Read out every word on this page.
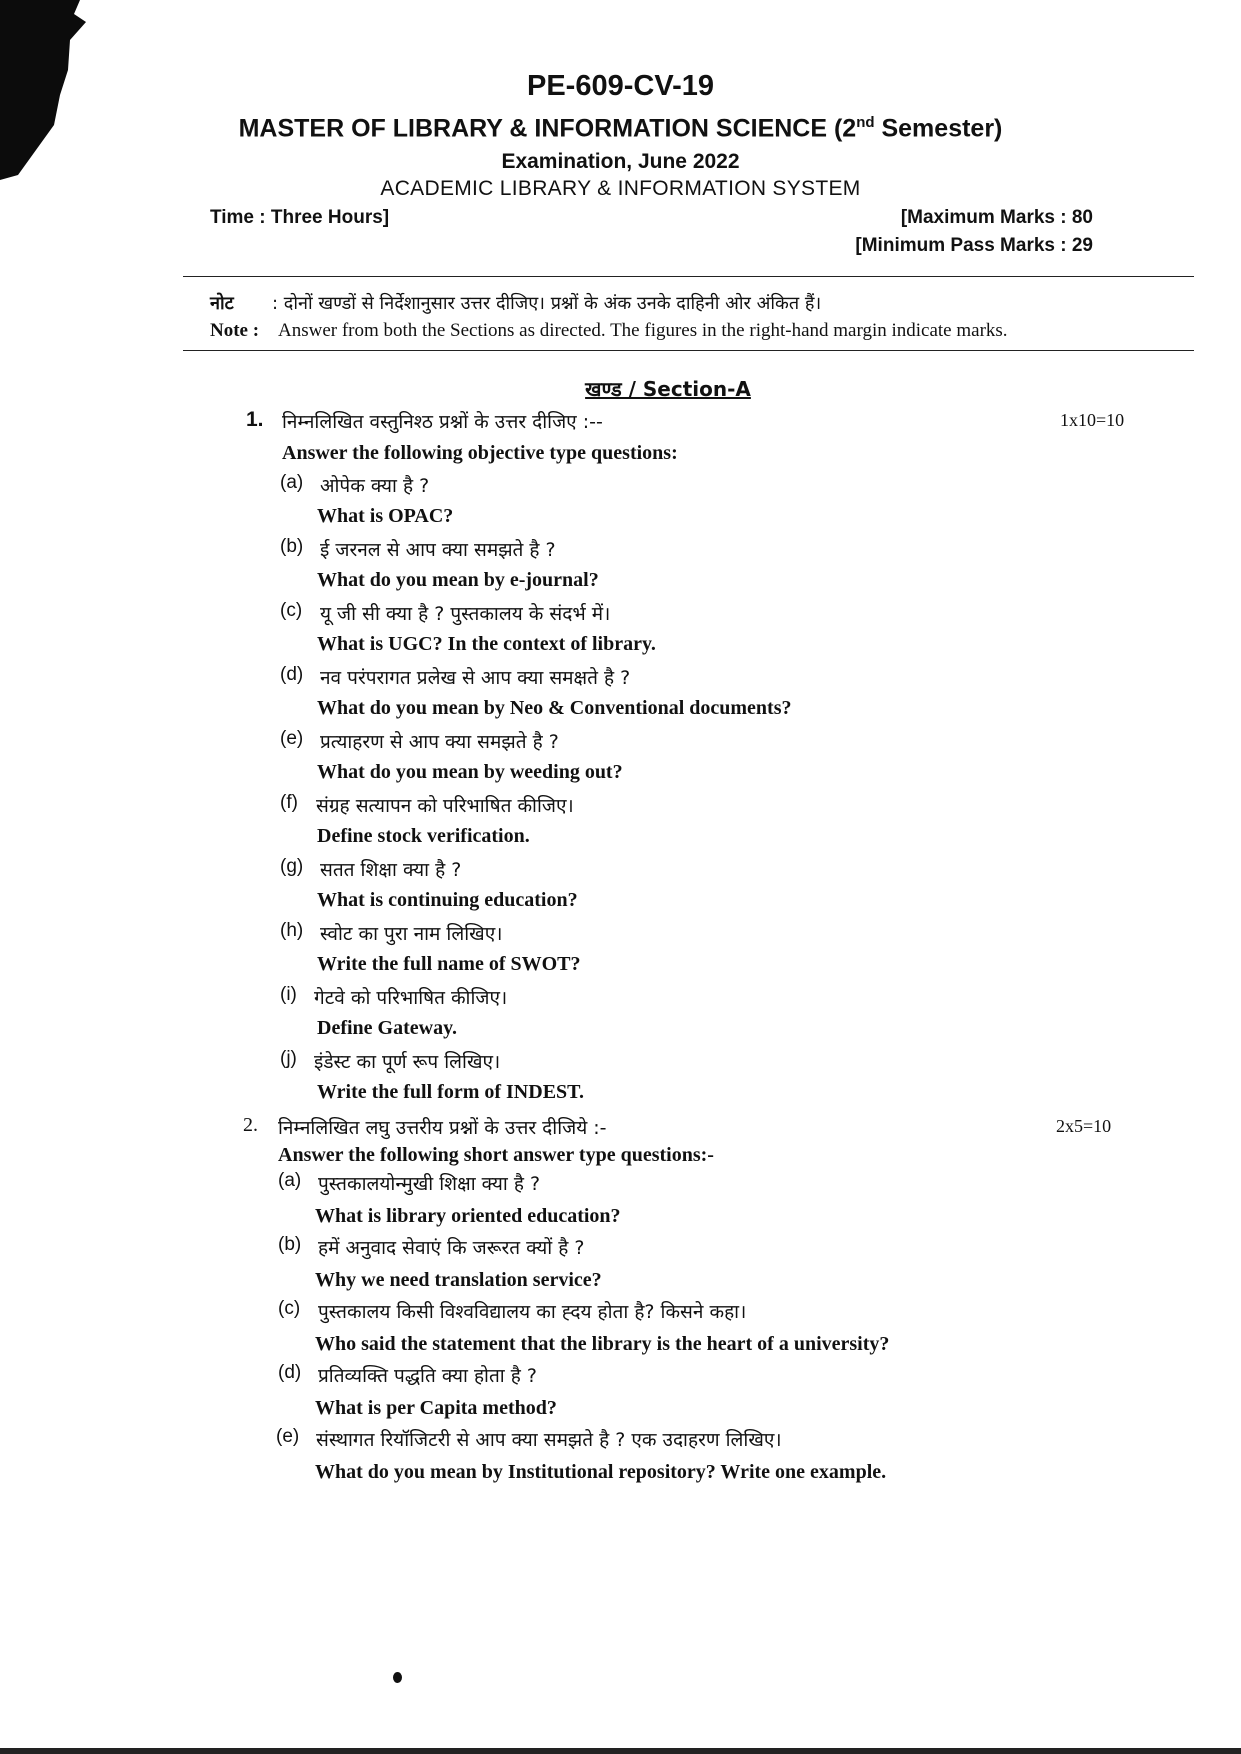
PE-609-CV-19
MASTER OF LIBRARY & INFORMATION SCIENCE (2nd Semester)
Examination, June 2022
ACADEMIC LIBRARY & INFORMATION SYSTEM
Time : Three Hours]	[Maximum Marks : 80
[Minimum Pass Marks : 29
नोट : दोनों खण्डों से निर्देशानुसार उत्तर दीजिए। प्रश्नों के अंक उनके दाहिनी ओर अंकित हैं।
Note : Answer from both the Sections as directed. The figures in the right-hand margin indicate marks.
खण्ड / Section-A
1. निम्नलिखित वस्तुनिश्ठ प्रश्नों के उत्तर दीजिए :--	1x10=10
Answer the following objective type questions:
(a) ओपेक क्या है ?
What is OPAC?
(b) ई जरनल से आप क्या समझते है ?
What do you mean by e-journal?
(c) यू जी सी क्या है ? पुस्तकालय के संदर्भ में।
What is UGC? In the context of library.
(d) नव परंपरागत प्रलेख से आप क्या समक्षते है ?
What do you mean by Neo & Conventional documents?
(e) प्रत्याहरण से आप क्या समझते है ?
What do you mean by weeding out?
(f) संग्रह सत्यापन को परिभाषित कीजिए।
Define stock verification.
(g) सतत शिक्षा क्या है ?
What is continuing education?
(h) स्वोट का पुरा नाम लिखिए।
Write the full name of SWOT?
(i) गेटवे को परिभाषित कीजिए।
Define Gateway.
(j) इंडेस्ट का पूर्ण रूप लिखिए।
Write the full form of INDEST.
2. निम्नलिखित लघु उत्तरीय प्रश्नों के उत्तर दीजिये :-	2x5=10
Answer the following short answer type questions:-
(a) पुस्तकालयोन्मुखी शिक्षा क्या है ?
What is library oriented education?
(b) हमें अनुवाद सेवाएं कि जरूरत क्यों है ?
Why we need translation service?
(c) पुस्तकालय किसी विश्वविद्यालय का ह्दय होता है? किसने कहा।
Who said the statement that the library is the heart of a university?
(d) प्रतिव्यक्ति पद्धति क्या होता है ?
What is per Capita method?
(e) संस्थागत रियॉजिटरी से आप क्या समझते है ? एक उदाहरण लिखिए।
What do you mean by Institutional repository? Write one example.
